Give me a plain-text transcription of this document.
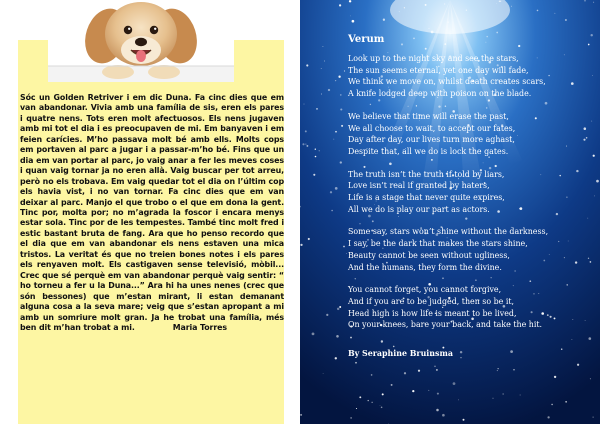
Sóc un Golden Retriver i em dic Duna. Fa cinc dies que em van abandonar. Vivia amb una família de sis, eren els pares i quatre nens. Tots eren molt afectuosos. Els nens jugaven amb mi tot el dia i es preocupaven de mi. Em banyaven i em feien carícies. M’ho passava molt bé amb ells. Molts cops em portaven al parc a jugar i a passar-m’ho bé. Fins que un dia em van portar al parc, jo vaig anar a fer les meves coses i quan vaig tornar ja no eren allà. Vaig buscar per tot arreu, però no els trobava. Em vaig quedar tot el dia on l’últim cop els havia vist, i no van tornar. Fa cinc dies que em van deixar al parc. Manjo el que trobo o el que em dona la gent. Tinc por, molta por; no m’agrada la foscor i encara menys estar sola. Tinc por de les tempestes. També tinc molt fred i estic bastant bruta de fang. Ara que ho penso recordo que el dia que em van abandonar els nens estaven una mica tristos. La veritat és que no treien bones notes i els pares els renyaven molt. Els castigaven sense televisió, mòbil... Crec que sé perquè em van abandonar perquè vaig sentir: “ ho torneu a fer u la Duna...” Ara hi ha unes nenes (crec que són bessones) que m’estan mirant, li estan demanant alguna cosa a la seva mare; veig que s’estan apropant a mi amb un somriure molt gran. Ja he trobat una família, més ben dit m’han trobat a mi.	Maria Torres

Verum
Look up to the night sky and see the stars,
The sun seems eternal, yet one day will fade,
We think we move on, whilst death creates scars,
A knife lodged deep with poison on the blade.
We believe that time will erase the past,
We all choose to wait, to accept our fates,
Day after day, our lives turn more aghast,
Despite that, all we do is lock the gates.
The truth isn’t the truth if told by liars,
Love isn’t real if granted by haters,
Life is a stage that never quite expires,
All we do is play our part as actors.
Some say, stars won’t shine without the darkness,
I say, be the dark that makes the stars shine,
Beauty cannot be seen without ugliness,
And the humans, they form the divine.
You cannot forget, you cannot forgive,
And if you are to be judged, then so be it,
Head high is how life is meant to be lived,
On your knees, bare your back, and take the hit.
By Seraphine Bruinsma
